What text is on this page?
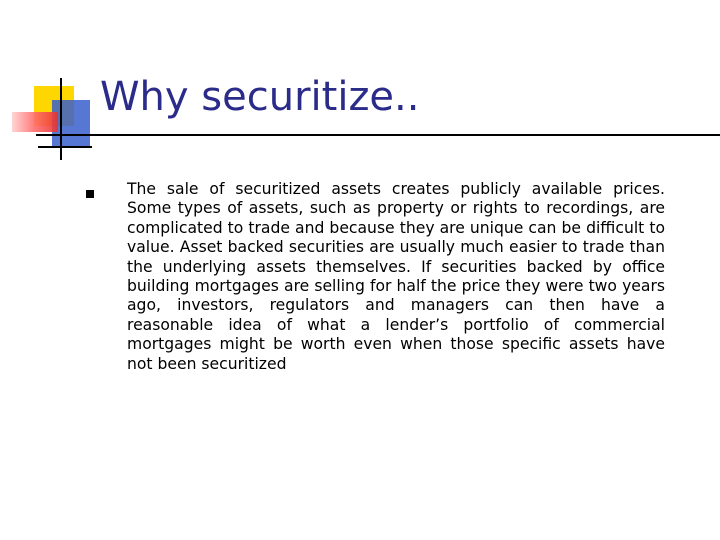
Why securitize..
The sale of securitized assets creates publicly available prices. Some types of assets, such as property or rights to recordings, are complicated to trade and because they are unique can be difficult to value. Asset backed securities are usually much easier to trade than the underlying assets themselves. If securities backed by office building mortgages are selling for half the price they were two years ago, investors, regulators and managers can then have a reasonable idea of what a lender’s portfolio of commercial mortgages might be worth even when those specific assets have not been securitized
